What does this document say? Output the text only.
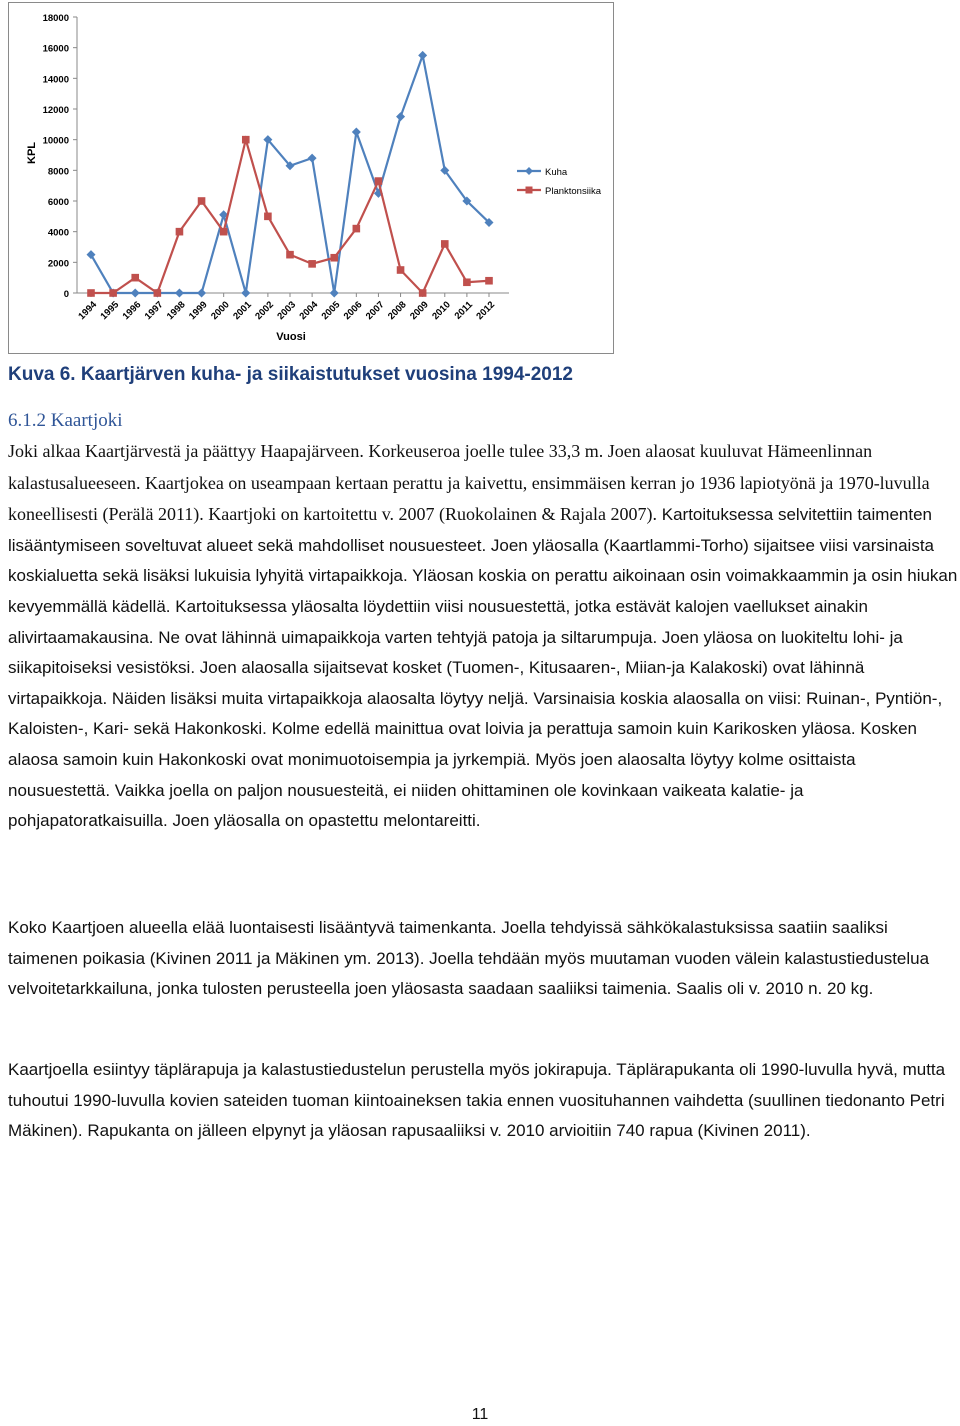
0
2000
4000
6000
8000
10000
12000
14000
16000
18000
KPL
1994 1995 1996 1997 1998 1999 2000 2001 2002 2003 2004 2005 2006 2007 2008 2009 2010 2011 2012
Vuosi
Kuha
Planktonsiika
Kuva 6. Kaartjärven kuha- ja siikaistutukset vuosina 1994-2012
6.1.2 Kaartjoki
Joki alkaa Kaartjärvestä ja päättyy Haapajärveen. Korkeuseroa joelle tulee 33,3 m. Joen alaosat kuuluvat Hämeenlinnan kalastusalueeseen. Kaartjokea on useampaan kertaan perattu ja kaivettu, ensimmäisen kerran jo 1936 lapiotyönä ja 1970-luvulla koneellisesti (Perälä 2011). Kaartjoki on kartoitettu v. 2007 (Ruokolainen & Rajala 2007). Kartoituksessa selvitettiin taimenten lisääntymiseen soveltuvat alueet sekä mahdolliset nousuesteet. Joen yläosalla (Kaartlammi-Torho) sijaitsee viisi varsinaista koskialuetta sekä lisäksi lukuisia lyhyitä virtapaikkoja. Yläosan koskia on perattu aikoinaan osin voimakkaammin ja osin hiukan kevyemmällä kädellä. Kartoituksessa yläosalta löydettiin viisi nousuestettä, jotka estävät kalojen vaellukset ainakin alivirtaamakausina. Ne ovat lähinnä uimapaikkoja varten tehtyjä patoja ja siltarumpuja. Joen yläosa on luokiteltu lohi- ja siikapitoiseksi vesistöksi. Joen alaosalla sijaitsevat kosket (Tuomen-, Kitusaaren-, Miian-ja Kalakoski) ovat lähinnä virtapaikkoja. Näiden lisäksi muita virtapaikkoja alaosalta löytyy neljä. Varsinaisia koskia alaosalla on viisi: Ruinan-, Pyntiön-, Kaloisten-, Kari- sekä Hakonkoski. Kolme edellä mainittua ovat loivia ja perattuja samoin kuin Karikosken yläosa. Kosken alaosa samoin kuin Hakonkoski ovat monimuotoisempia ja jyrkempiä. Myös joen alaosalta löytyy kolme osittaista nousuestettä. Vaikka joella on paljon nousuesteitä, ei niiden ohittaminen ole kovinkaan vaikeata kalatie- ja pohjapatoratkaisuilla. Joen yläosalla on opastettu melontareitti.
Koko Kaartjoen alueella elää luontaisesti lisääntyvä taimenkanta. Joella tehdyissä sähkökalastuksissa saatiin saaliksi taimenen poikasia (Kivinen 2011 ja Mäkinen ym. 2013). Joella tehdään myös muutaman vuoden välein kalastustiedustelua velvoitetarkkailuna, jonka tulosten perusteella joen yläosasta saadaan saaliiksi taimenia. Saalis oli v. 2010 n. 20 kg.
Kaartjoella esiintyy täplärapuja ja kalastustiedustelun perustella myös jokirapuja. Täplärapukanta oli 1990-luvulla hyvä, mutta tuhoutui 1990-luvulla kovien sateiden tuoman kiintoaineksen takia ennen vuosituhannen vaihdetta (suullinen tiedonanto Petri Mäkinen). Rapukanta on jälleen elpynyt ja yläosan rapusaaliiksi v. 2010 arvioitiin 740 rapua (Kivinen 2011).
11
